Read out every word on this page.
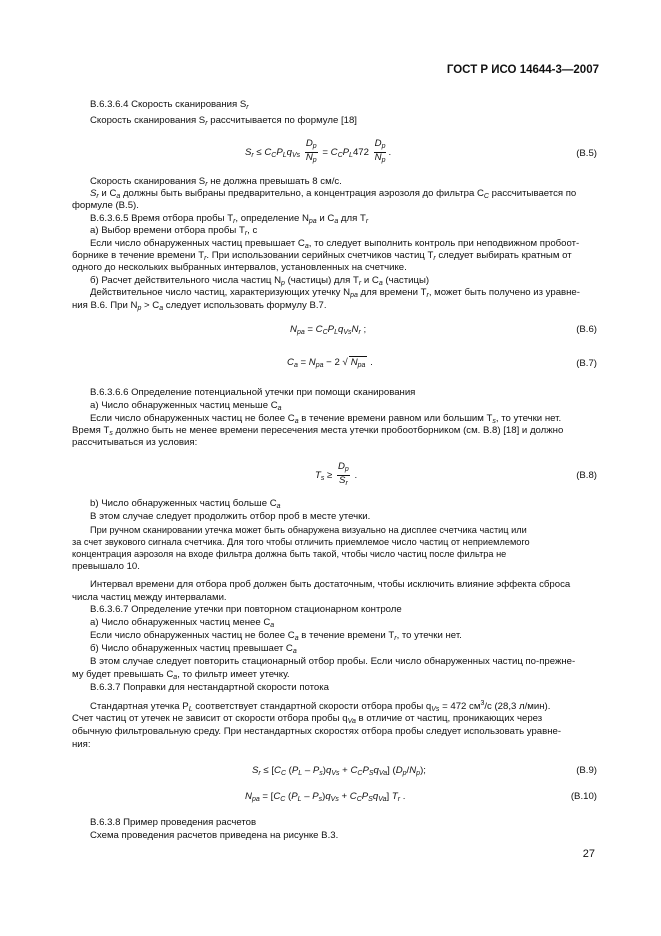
ГОСТ Р ИСО 14644-3—2007
В.6.3.6.4 Скорость сканирования $S_r$
Скорость сканирования $S_r$ рассчитывается по формуле [18]
$S_r \le C_CP_Lq_{Vs} \frac{D_p}{N_p} = C_CP_L472 \frac{D_p}{N_p}$ .	(В.5)
Скорость сканирования $S_r$ не должна превышать 8 см/с.
$S_r$ и $C_a$ должны быть выбраны предварительно, а концентрация аэрозоля до фильтра $C_C$ рассчитывается по
формуле (В.5).
В.6.3.6.5 Время отбора пробы $T_r$, определение $N_{pa}$ и $C_a$ для $T_r$
а) Выбор времени отбора пробы $T_r$, с
Если число обнаруженных частиц превышает $C_a$, то следует выполнить контроль при неподвижном пробоот-
борнике в течение времени $T_r$. При использовании серийных счетчиков частиц $T_r$ следует выбирать кратным от
одного до нескольких выбранных интервалов, установленных на счетчике.
б) Расчет действительного числа частиц $N_p$ (частицы) для $T_r$ и $C_a$ (частицы)
Действительное число частиц, характеризующих утечку $N_{pa}$ для времени $T_r$, может быть получено из уравне-
ния В.6. При $N_p > C_a$ следует использовать формулу В.7.
$N_{pa} = C_CP_Lq_{Vs}N_r$ ;	(В.6)
$C_a = N_{pa} - 2$ √ $N_{pa}$ .	(В.7)
В.6.3.6.6 Определение потенциальной утечки при помощи сканирования
а) Число обнаруженных частиц меньше $C_a$
Если число обнаруженных частиц не более $C_a$ в течение времени равном или большим $T_s$, то утечки нет.
Время $T_s$ должно быть не менее времени пересечения места утечки пробоотборником (см. В.8) [18] и должно
рассчитываться из условия:
$T_s \ge \frac{D_p}{S_r}$ .	(В.8)
b) Число обнаруженных частиц больше $C_a$
В этом случае следует продолжить отбор проб в месте утечки.
При ручном сканировании утечка может быть обнаружена визуально на дисплее счетчика частиц или
за счет звукового сигнала счетчика. Для того чтобы отличить приемлемое число частиц от неприемлемого
концентрация аэрозоля на входе фильтра должна быть такой, чтобы число частиц после фильтра не
превышало 10.
Интервал времени для отбора проб должен быть достаточным, чтобы исключить влияние эффекта сброса
числа частиц между интервалами.
В.6.3.6.7 Определение утечки при повторном стационарном контроле
а) Число обнаруженных частиц менее $C_a$
Если число обнаруженных частиц не более $C_a$ в течение времени $T_r$, то утечки нет.
б) Число обнаруженных частиц превышает $C_a$
В этом случае следует повторить стационарный отбор пробы. Если число обнаруженных частиц по-прежне-
му будет превышать $C_a$, то фильтр имеет утечку.
В.6.3.7 Поправки для нестандартной скорости потока
Стандартная утечка $P_L$ соответствует стандартной скорости отбора пробы $q_{Vs} = 472$ $см^3/c$ (28,3 л/мин).
Счет частиц от утечек не зависит от скорости отбора пробы $q_{Va}$ в отличие от частиц, проникающих через
обычную фильтровальную среду. При нестандартных скоростях отбора пробы следует использовать уравне-
ния:
$S_r \le [C_C$ $(P_L - P_s)q_{Vs} + C_CP_Sq_{Va}$] $(D_p/N_p)$;	(В.9)
$N_{pa} = [C_C$ $(P_L - P_s)q_{Vs} + C_CP_Sq_{Va}$] $T_r$ .	(В.10)
В.6.3.8 Пример проведения расчетов
Схема проведения расчетов приведена на рисунке В.3.
27
